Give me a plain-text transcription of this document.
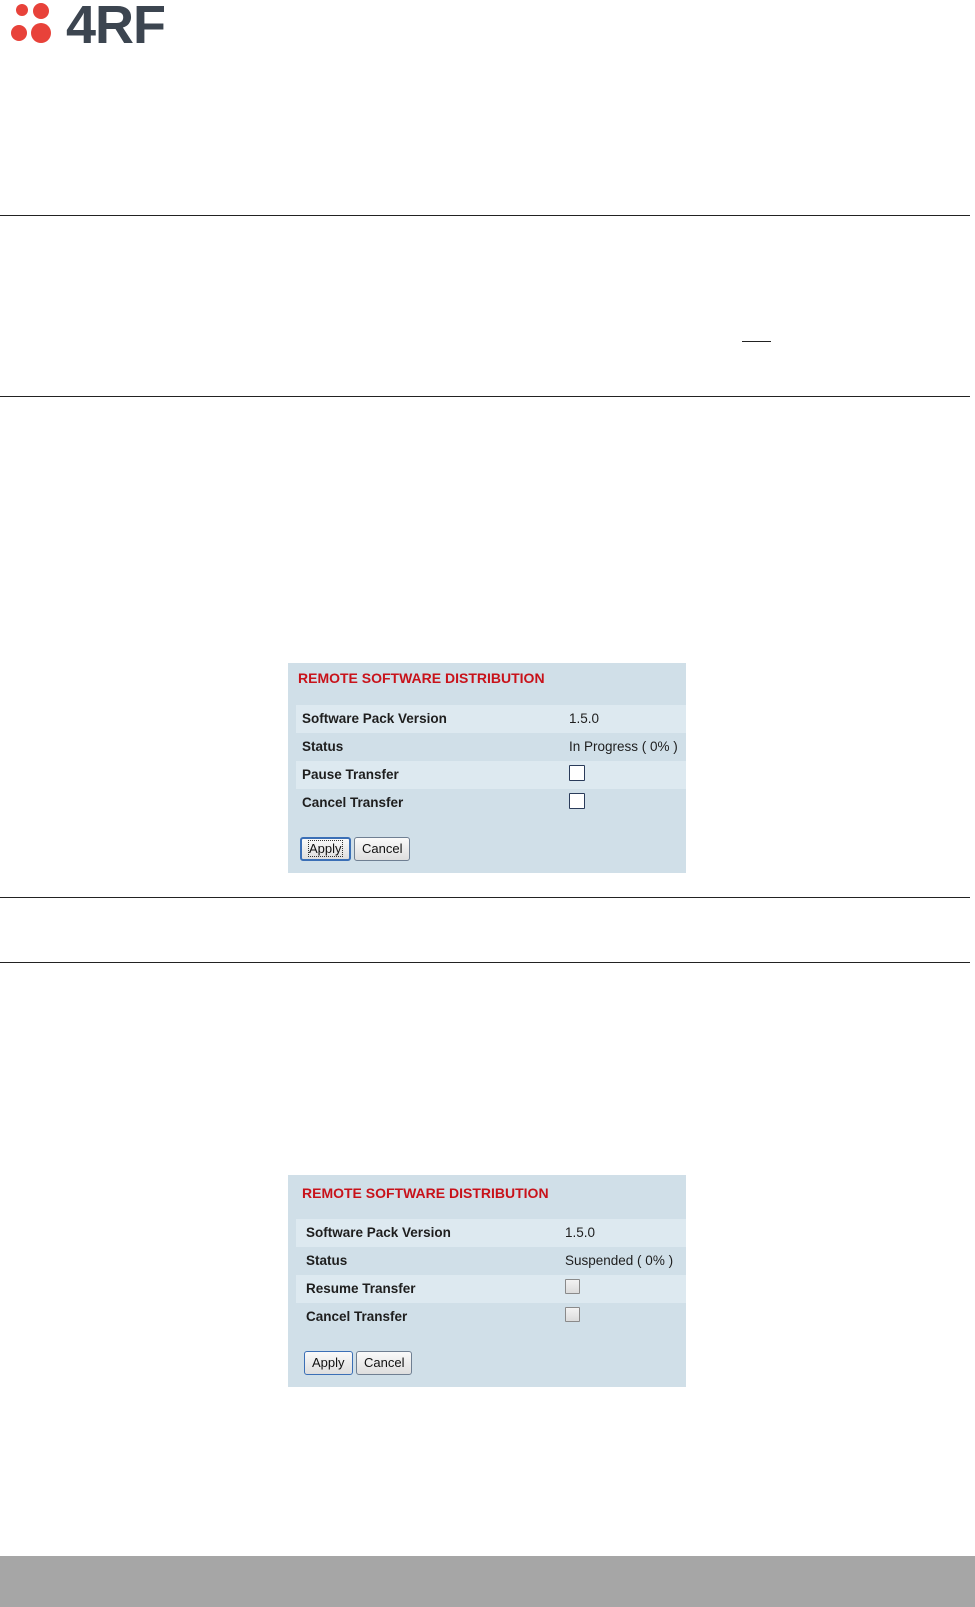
4RF
REMOTE SOFTWARE DISTRIBUTION
Software Pack Version	1.5.0
Status	In Progress ( 0% )
Pause Transfer
Cancel Transfer
Apply	Cancel
REMOTE SOFTWARE DISTRIBUTION
Software Pack Version	1.5.0
Status	Suspended ( 0% )
Resume Transfer
Cancel Transfer
Apply	Cancel
